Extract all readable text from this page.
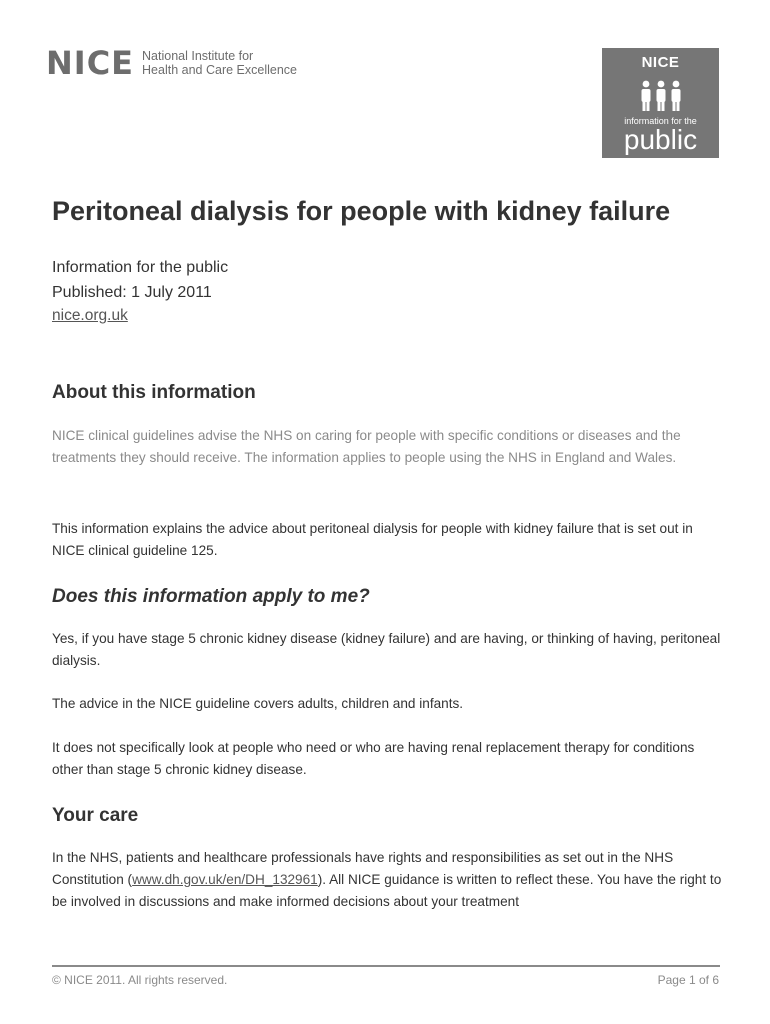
NICE National Institute for
Health and Care Excellence	NICE
information for the
public
Peritoneal dialysis for people with kidney failure
Information for the public
Published: 1 July 2011
nice.org.uk
About this information

NICE clinical guidelines advise the NHS on caring for people with specific conditions or diseases and the treatments they should receive. The information applies to people using the NHS in England and Wales.

This information explains the advice about peritoneal dialysis for people with kidney failure that is set out in NICE clinical guideline 125.

Does this information apply to me?

Yes, if you have stage 5 chronic kidney disease (kidney failure) and are having, or thinking of having, peritoneal dialysis.

The advice in the NICE guideline covers adults, children and infants.

It does not specifically look at people who need or who are having renal replacement therapy for conditions other than stage 5 chronic kidney disease.

Your care

In the NHS, patients and healthcare professionals have rights and responsibilities as set out in the NHS Constitution (www.dh.gov.uk/en/DH_132961). All NICE guidance is written to reflect these. You have the right to be involved in discussions and make informed decisions about your treatment

© NICE 2011. All rights reserved.	Page 1 of 6
